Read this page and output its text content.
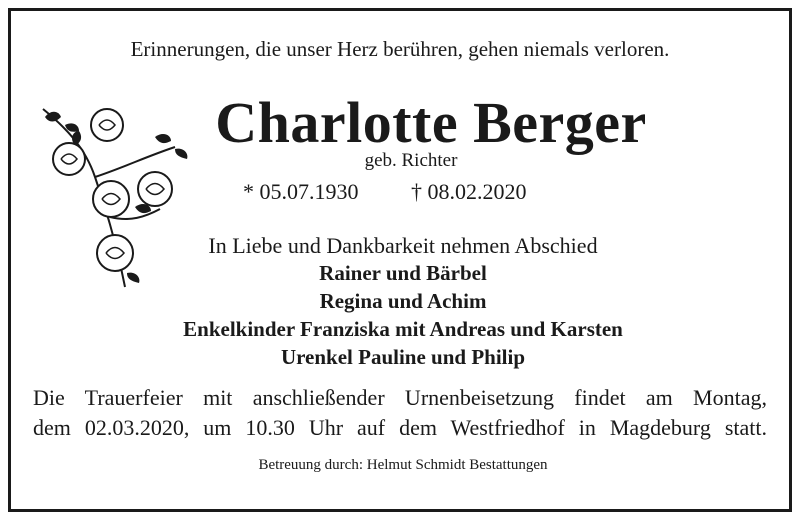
Erinnerungen, die unser Herz berühren, gehen niemals verloren.
Charlotte Berger
geb. Richter
* 05.07.1930 † 08.02.2020
In Liebe und Dankbarkeit nehmen Abschied
Rainer und Bärbel
Regina und Achim
Enkelkinder Franziska mit Andreas und Karsten
Urenkel Pauline und Philip
Die Trauerfeier mit anschließender Urnenbeisetzung findet am Montag,
dem 02.03.2020, um 10.30 Uhr auf dem Westfriedhof in Magdeburg statt.
Betreuung durch: Helmut Schmidt Bestattungen
